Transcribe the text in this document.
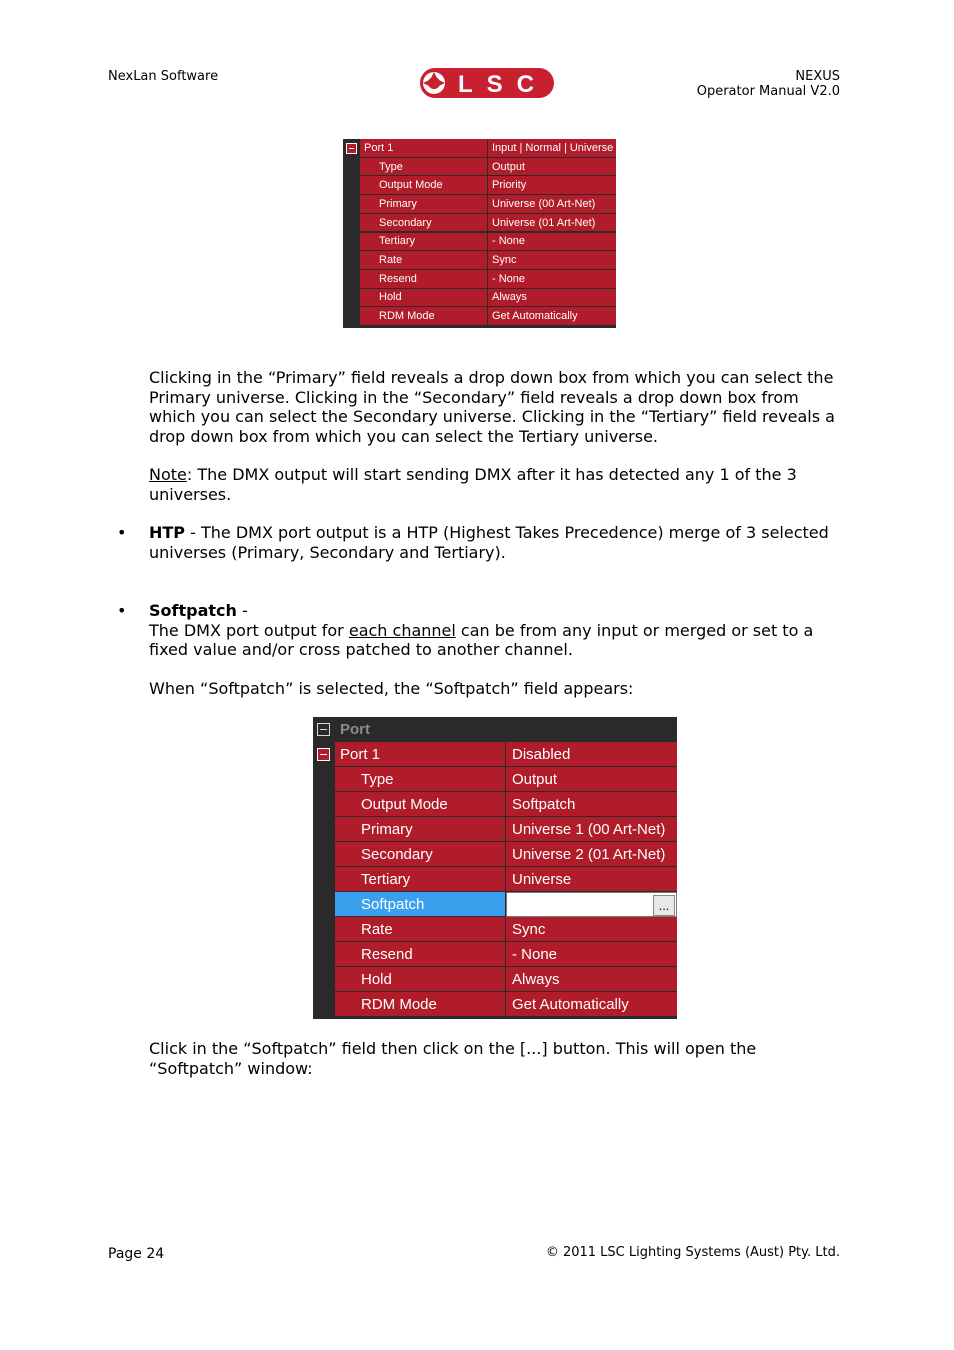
NexLan Software	NEXUS
Operator Manual V2.0
LSC
Port 1	Input | Normal | Universe
Type	Output
Output Mode	Priority
Primary	Universe (00 Art-Net)
Secondary	Universe (01 Art-Net)
Tertiary	- None
Rate	Sync
Resend	- None
Hold	Always
RDM Mode	Get Automatically
Clicking in the “Primary” field reveals a drop down box from which you can select the Primary universe. Clicking in the “Secondary” field reveals a drop down box from which you can select the Secondary universe. Clicking in the “Tertiary” field reveals a drop down box from which you can select the Tertiary universe.
Note: The DMX output will start sending DMX after it has detected any 1 of the 3 universes.
• HTP - The DMX port output is a HTP (Highest Takes Precedence) merge of 3 selected universes (Primary, Secondary and Tertiary).
• Softpatch -
The DMX port output for each channel can be from any input or merged or set to a fixed value and/or cross patched to another channel.
When “Softpatch” is selected, the “Softpatch” field appears:
Port
Port 1	Disabled
Type	Output
Output Mode	Softpatch
Primary	Universe 1 (00 Art-Net)
Secondary	Universe 2 (01 Art-Net)
Tertiary	Universe
Softpatch	...
Rate	Sync
Resend	- None
Hold	Always
RDM Mode	Get Automatically
Click in the “Softpatch” field then click on the [...] button. This will open the “Softpatch” window:
Page 24	© 2011 LSC Lighting Systems (Aust) Pty. Ltd.
